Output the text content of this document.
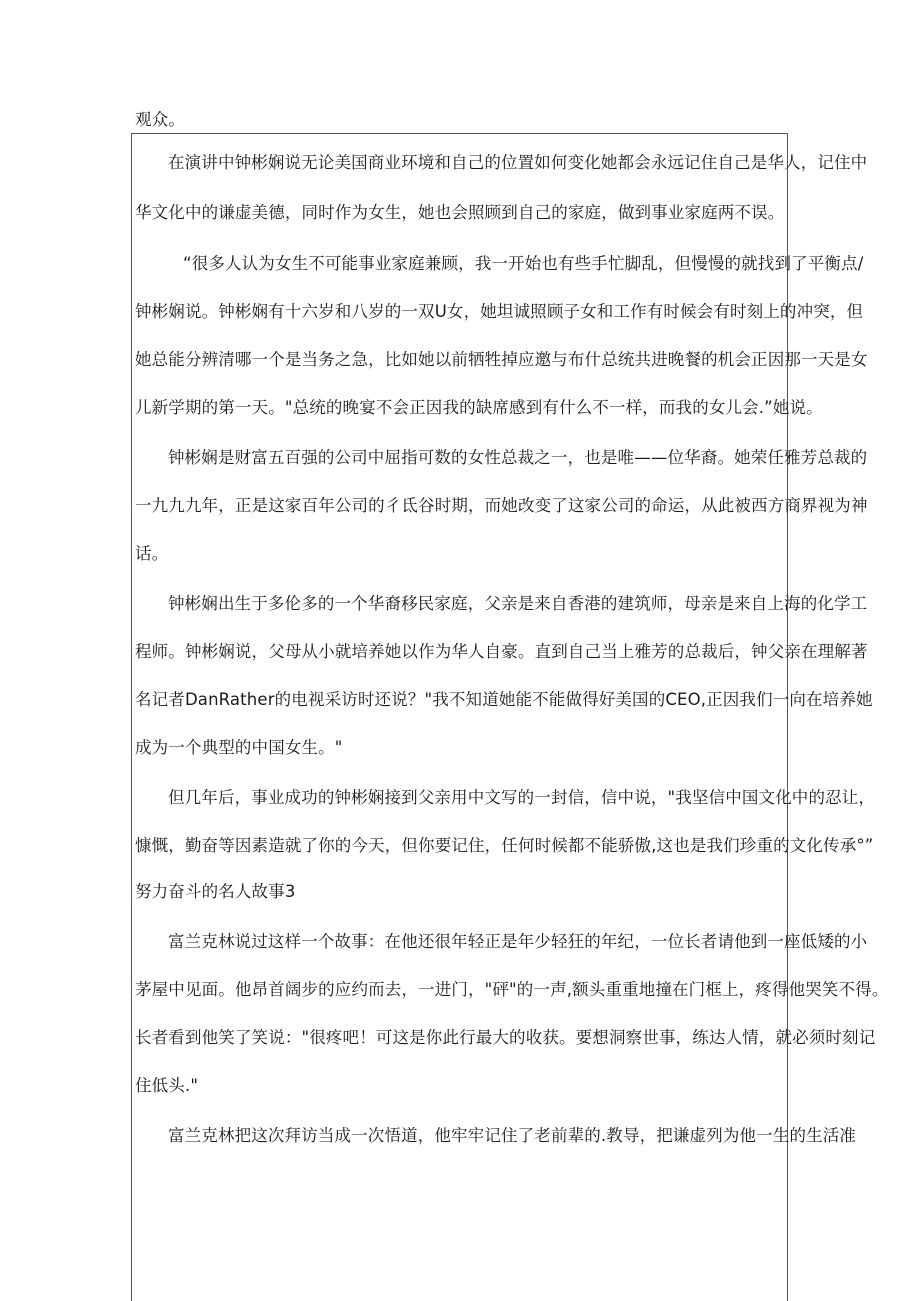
观众。
在演讲中钟彬娴说无论美国商业环境和自己的位置如何变化她都会永远记住自己是华人，记住中
华文化中的谦虚美德，同时作为女生，她也会照顾到自己的家庭，做到事业家庭两不误。
“很多人认为女生不可能事业家庭兼顾，我一开始也有些手忙脚乱，但慢慢的就找到了平衡点/
钟彬娴说。钟彬娴有十六岁和八岁的一双U女，她坦诚照顾子女和工作有时候会有时刻上的冲突，但
她总能分辨清哪一个是当务之急，比如她以前牺牲掉应邀与布什总统共进晚餐的机会正因那一天是女
儿新学期的第一天。"总统的晚宴不会正因我的缺席感到有什么不一样，而我的女儿会.”她说。
钟彬娴是财富五百强的公司中屈指可数的女性总裁之一，也是唯——位华裔。她荣任雅芳总裁的
一九九九年，正是这家百年公司的彳氐谷时期，而她改变了这家公司的命运，从此被西方商界视为神
话。
钟彬娴出生于多伦多的一个华裔移民家庭，父亲是来自香港的建筑师，母亲是来自上海的化学工
程师。钟彬娴说，父母从小就培养她以作为华人自豪。直到自己当上雅芳的总裁后，钟父亲在理解著
名记者DanRather的电视采访时还说？"我不知道她能不能做得好美国的CEO,正因我们一向在培养她
成为一个典型的中国女生。"
但几年后，事业成功的钟彬娴接到父亲用中文写的一封信，信中说，"我坚信中国文化中的忍让，
慷慨，勤奋等因素造就了你的今天，但你要记住，任何时候都不能骄傲,这也是我们珍重的文化传承°”
努力奋斗的名人故事3
富兰克林说过这样一个故事：在他还很年轻正是年少轻狂的年纪，一位长者请他到一座低矮的小
茅屋中见面。他昂首阔步的应约而去，一进门，"砰"的一声,额头重重地撞在门框上，疼得他哭笑不得。
长者看到他笑了笑说："很疼吧！可这是你此行最大的收获。要想洞察世事，练达人情，就必须时刻记
住低头."
富兰克林把这次拜访当成一次悟道，他牢牢记住了老前辈的.教导，把谦虚列为他一生的生活准
